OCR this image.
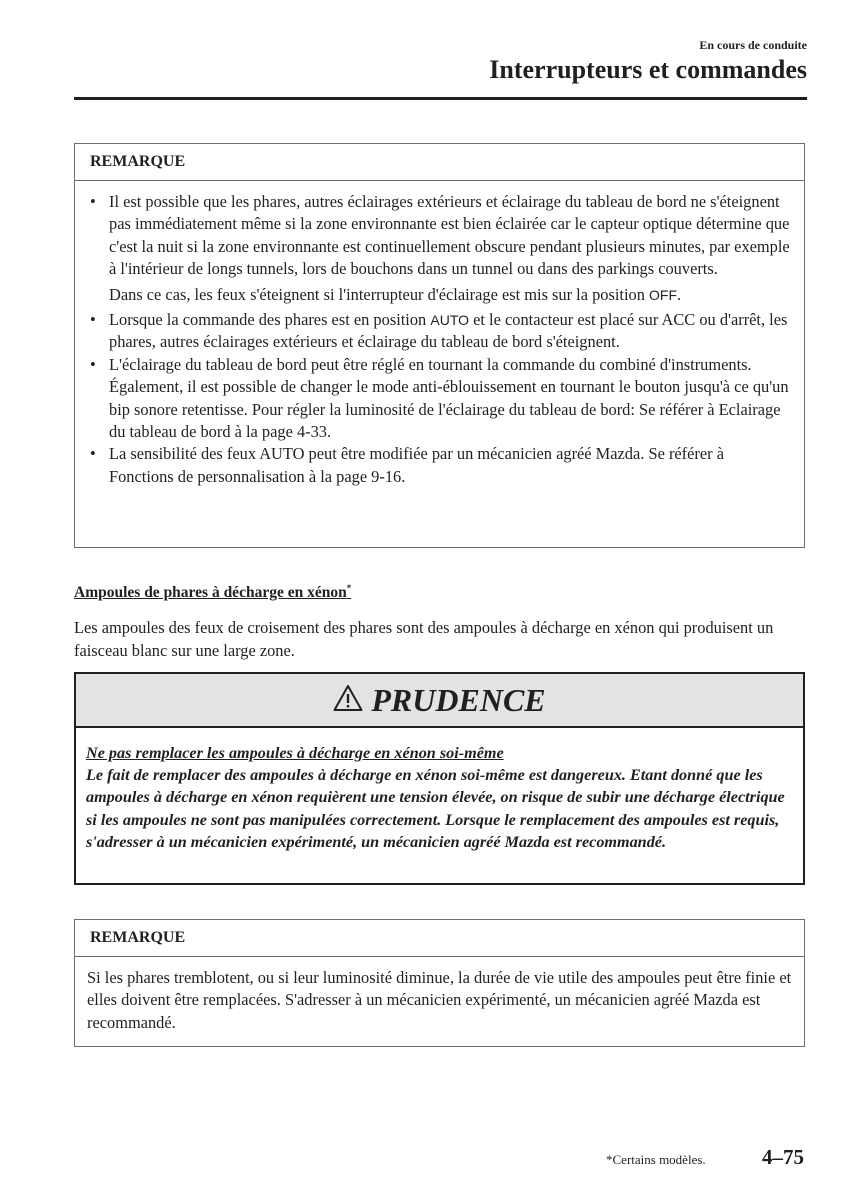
En cours de conduite
Interrupteurs et commandes
REMARQUE
• Il est possible que les phares, autres éclairages extérieurs et éclairage du tableau de bord ne s'éteignent pas immédiatement même si la zone environnante est bien éclairée car le capteur optique détermine que c'est la nuit si la zone environnante est continuellement obscure pendant plusieurs minutes, par exemple à l'intérieur de longs tunnels, lors de bouchons dans un tunnel ou dans des parkings couverts.
Dans ce cas, les feux s'éteignent si l'interrupteur d'éclairage est mis sur la position OFF.
• Lorsque la commande des phares est en position AUTO et le contacteur est placé sur ACC ou d'arrêt, les phares, autres éclairages extérieurs et éclairage du tableau de bord s'éteignent.
• L'éclairage du tableau de bord peut être réglé en tournant la commande du combiné d'instruments. Également, il est possible de changer le mode anti-éblouissement en tournant le bouton jusqu'à ce qu'un bip sonore retentisse. Pour régler la luminosité de l'éclairage du tableau de bord: Se référer à Eclairage du tableau de bord à la page 4-33.
• La sensibilité des feux AUTO peut être modifiée par un mécanicien agréé Mazda. Se référer à Fonctions de personnalisation à la page 9-16.
Ampoules de phares à décharge en xénon*
Les ampoules des feux de croisement des phares sont des ampoules à décharge en xénon qui produisent un faisceau blanc sur une large zone.
PRUDENCE
Ne pas remplacer les ampoules à décharge en xénon soi-même
Le fait de remplacer des ampoules à décharge en xénon soi-même est dangereux. Etant donné que les ampoules à décharge en xénon requièrent une tension élevée, on risque de subir une décharge électrique si les ampoules ne sont pas manipulées correctement. Lorsque le remplacement des ampoules est requis, s'adresser à un mécanicien expérimenté, un mécanicien agréé Mazda est recommandé.
REMARQUE
Si les phares tremblotent, ou si leur luminosité diminue, la durée de vie utile des ampoules peut être finie et elles doivent être remplacées. S'adresser à un mécanicien expérimenté, un mécanicien agréé Mazda est recommandé.
*Certains modèles.	4–75
